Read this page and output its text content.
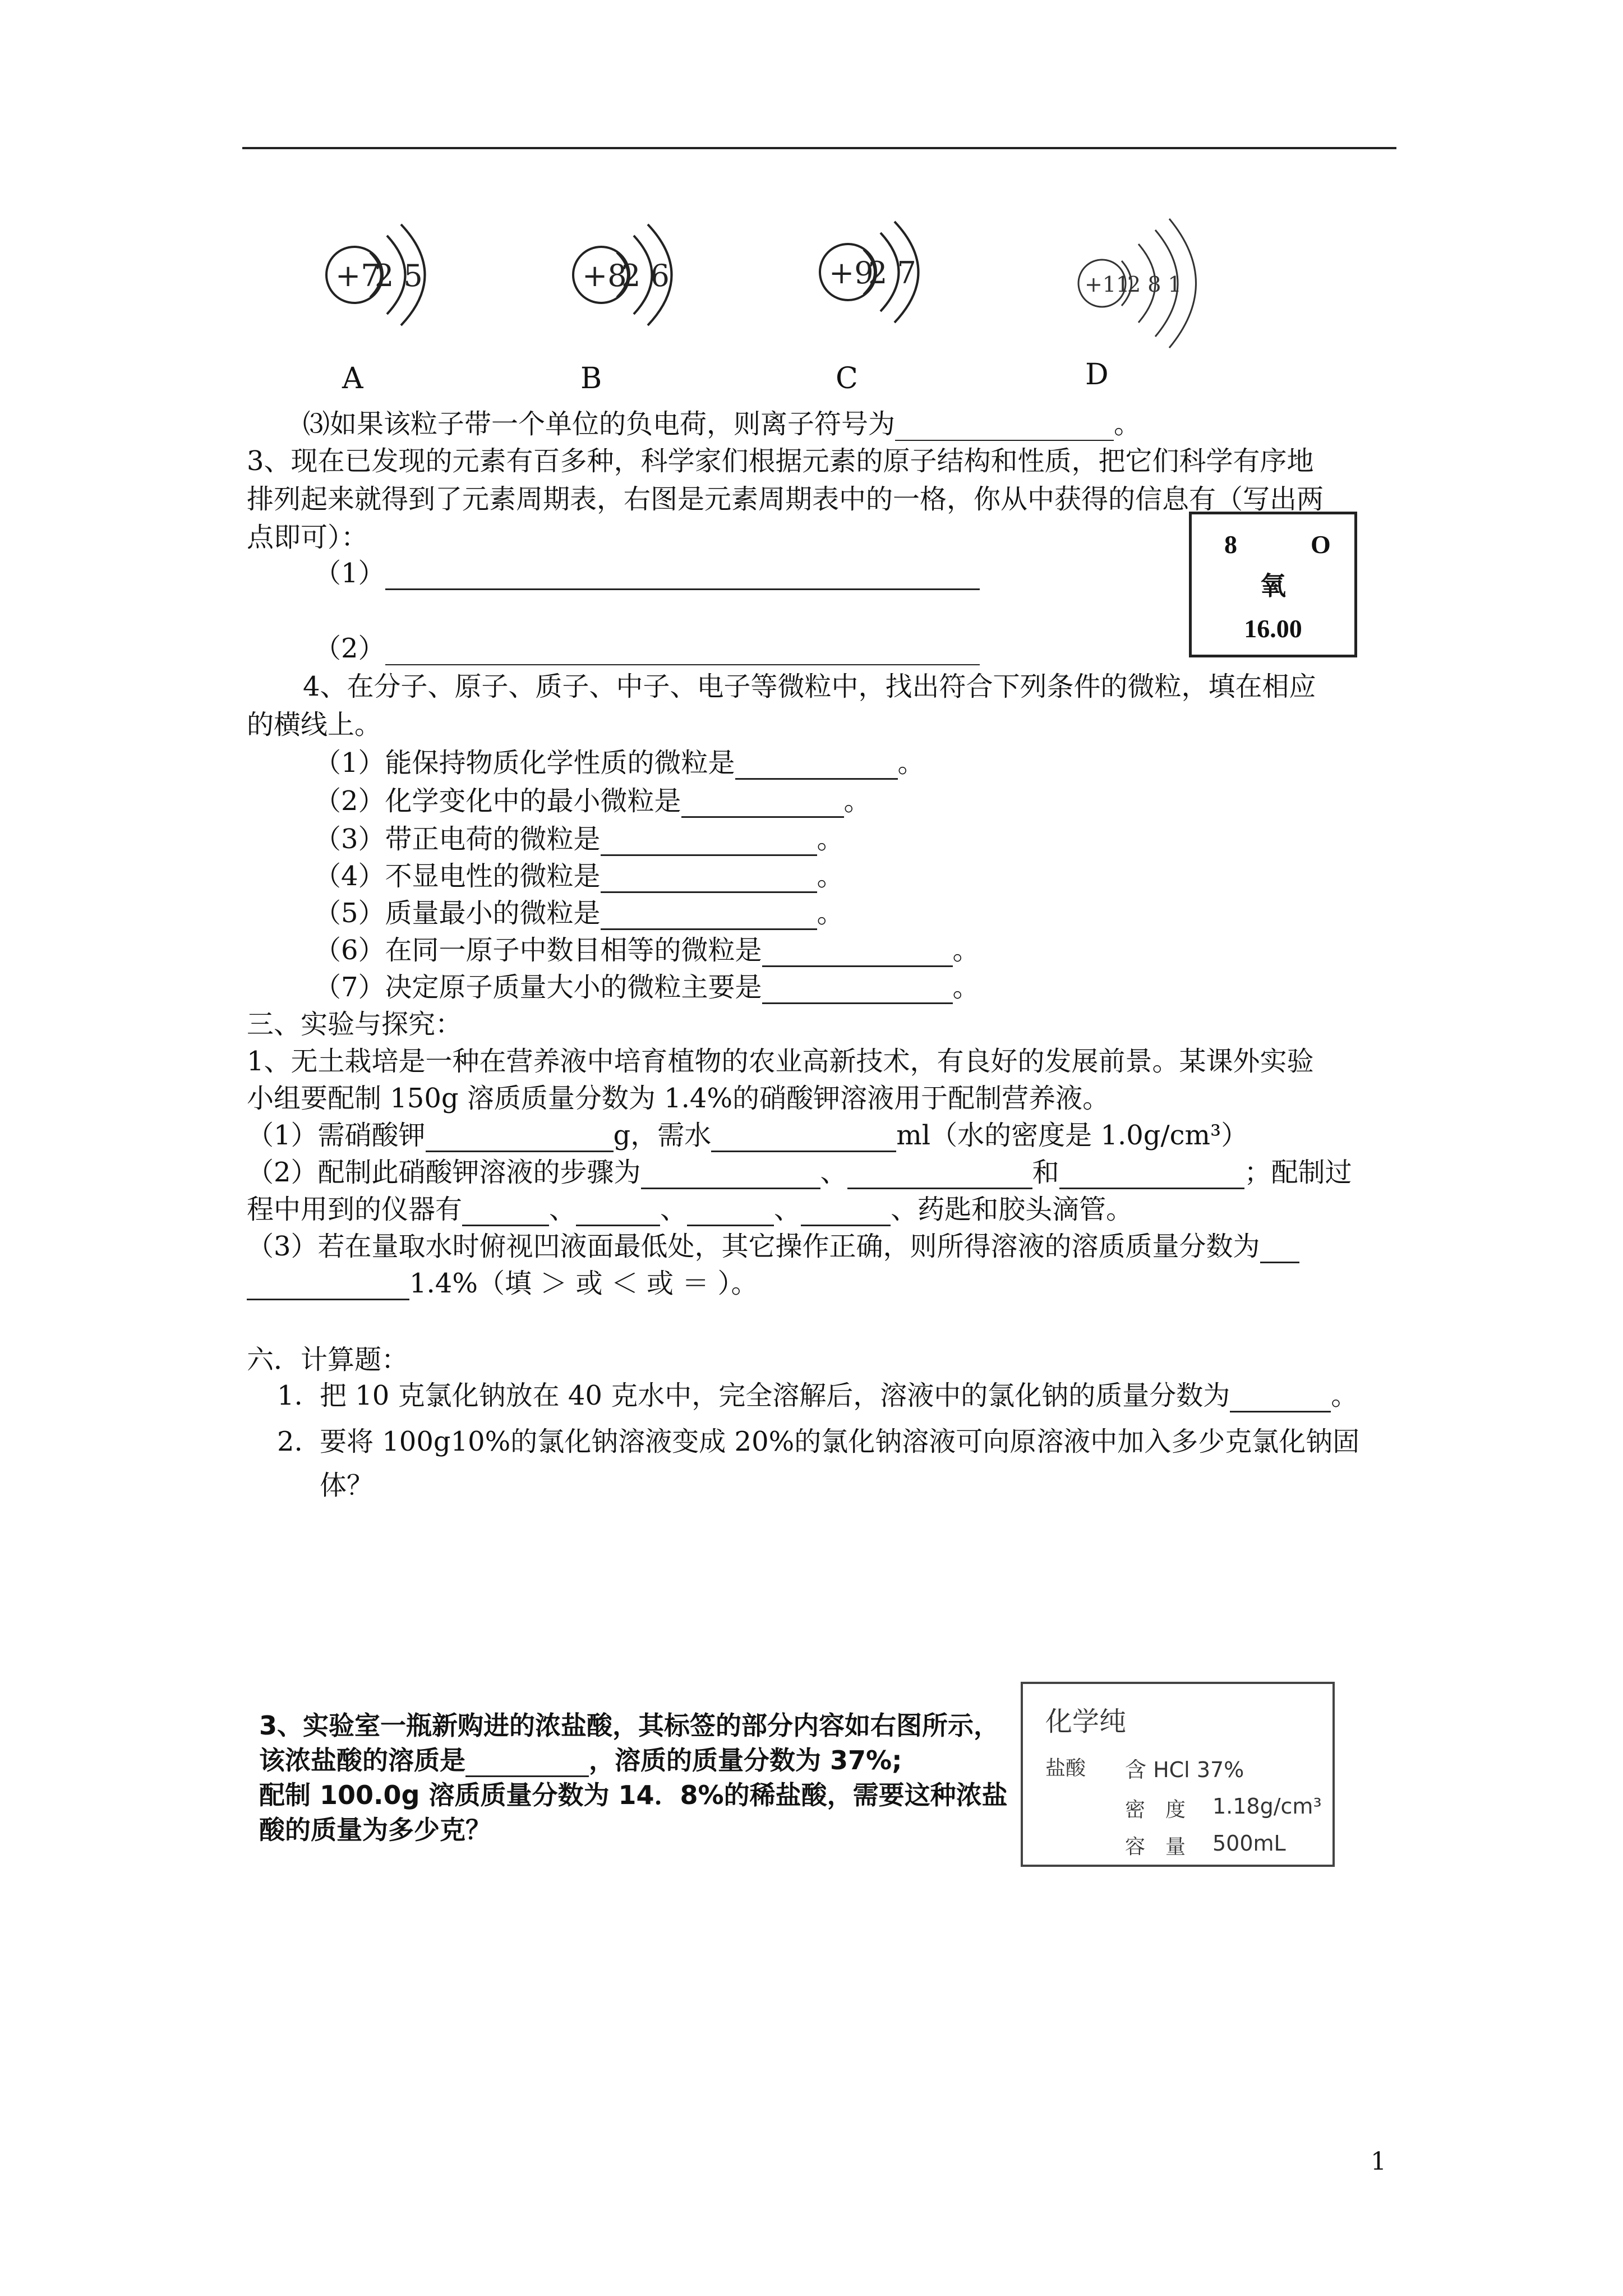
+7
2 5	+8
2 6	+9
2 7	+11
2 8 1
A	B	C	D
⑶如果该粒子带一个单位的负电荷，则离子符号为	。
3、现在已发现的元素有百多种，科学家们根据元素的原子结构和性质，把它们科学有序地
排列起来就得到了元素周期表，右图是元素周期表中的一格，你从中获得的信息有（写出两
点即可）：
（1）
（2）
8	O
氧
16.00
4、在分子、原子、质子、中子、电子等微粒中，找出符合下列条件的微粒，填在相应
的横线上。
（1）能保持物质化学性质的微粒是	。
（2）化学变化中的最小微粒是	。
（3）带正电荷的微粒是	。
（4）不显电性的微粒是	。
（5）质量最小的微粒是	。
（6）在同一原子中数目相等的微粒是	。
（7）决定原子质量大小的微粒主要是	。
三、实验与探究：
1、无土栽培是一种在营养液中培育植物的农业高新技术，有良好的发展前景。某课外实验
小组要配制 150g 溶质质量分数为 1.4%的硝酸钾溶液用于配制营养液。
（1）需硝酸钾	g，需水	ml（水的密度是 1.0g/cm³）
（2）配制此硝酸钾溶液的步骤为	、	和	；配制过
程中用到的仪器有	、	、	、	、药匙和胶头滴管。
（3）若在量取水时俯视凹液面最低处，其它操作正确，则所得溶液的溶质质量分数为
1.4%（填 ＞ 或 ＜ 或 ＝ ）。
六．计算题：
1. 把 10 克氯化钠放在 40 克水中，完全溶解后，溶液中的氯化钠的质量分数为	。
2. 要将 100g10%的氯化钠溶液变成 20%的氯化钠溶液可向原溶液中加入多少克氯化钠固
体？
3、实验室一瓶新购进的浓盐酸，其标签的部分内容如右图所示，
该浓盐酸的溶质是	，溶质的质量分数为 37%;
配制 100.0g 溶质质量分数为 14．8%的稀盐酸，需要这种浓盐
酸的质量为多少克？
化学纯
盐酸 含 HCl 37%
密　度 1.18g/cm³
容　量 500mL
1
